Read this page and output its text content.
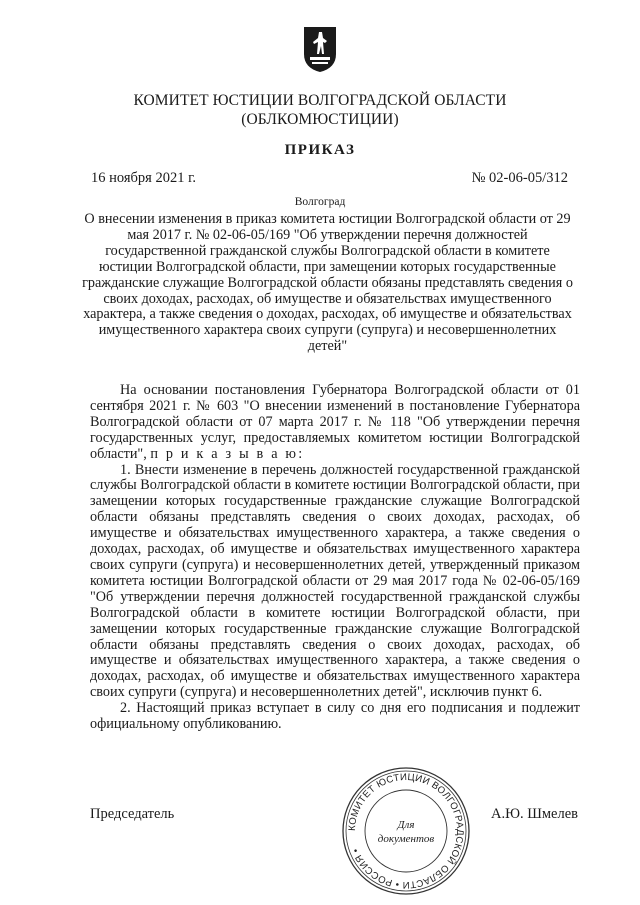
КОМИТЕТ ЮСТИЦИИ ВОЛГОГРАДСКОЙ ОБЛАСТИ
(ОБЛКОМЮСТИЦИИ)
ПРИКАЗ
16 ноября 2021 г.	№ 02-06-05/312
Волгоград
О внесении изменения в приказ комитета юстиции Волгоградской области от 29 мая 2017 г. № 02-06-05/169 "Об утверждении перечня должностей государственной гражданской службы Волгоградской области в комитете юстиции Волгоградской области, при замещении которых государственные гражданские служащие Волгоградской области обязаны представлять сведения о своих доходах, расходах, об имуществе и обязательствах имущественного характера, а также сведения о доходах, расходах, об имуществе и обязательствах имущественного характера своих супруги (супруга) и несовершеннолетних детей"

На основании постановления Губернатора Волгоградской области от 01 сентября 2021 г. № 603 "О внесении изменений в постановление Губернатора Волгоградской области от 07 марта 2017 г. № 118 "Об утверждении перечня государственных услуг, предоставляемых комитетом юстиции Волгоградской области", п р и к а з ы в а ю:

1. Внести изменение в перечень должностей государственной гражданской службы Волгоградской области в комитете юстиции Волгоградской области, при замещении которых государственные гражданские служащие Волгоградской области обязаны представлять сведения о своих доходах, расходах, об имуществе и обязательствах имущественного характера, а также сведения о доходах, расходах, об имуществе и обязательствах имущественного характера своих супруги (супруга) и несовершеннолетних детей, утвержденный приказом комитета юстиции Волгоградской области от 29 мая 2017 года № 02-06-05/169 "Об утверждении перечня должностей государственной гражданской службы Волгоградской области в комитете юстиции Волгоградской области, при замещении которых государственные гражданские служащие Волгоградской области обязаны представлять сведения о своих доходах, расходах, об имуществе и обязательствах имущественного характера, а также сведения о доходах, расходах, об имуществе и обязательствах имущественного характера своих супруги (супруга) и несовершеннолетних детей", исключив пункт 6.

2. Настоящий приказ вступает в силу со дня его подписания и подлежит официальному опубликованию.

Председатель	А.Ю. Шмелев
КОМИТЕТ ЮСТИЦИИ ВОЛГОГРАДСКОЙ ОБЛАСТИ • РОССИЯ •
Для
документов
